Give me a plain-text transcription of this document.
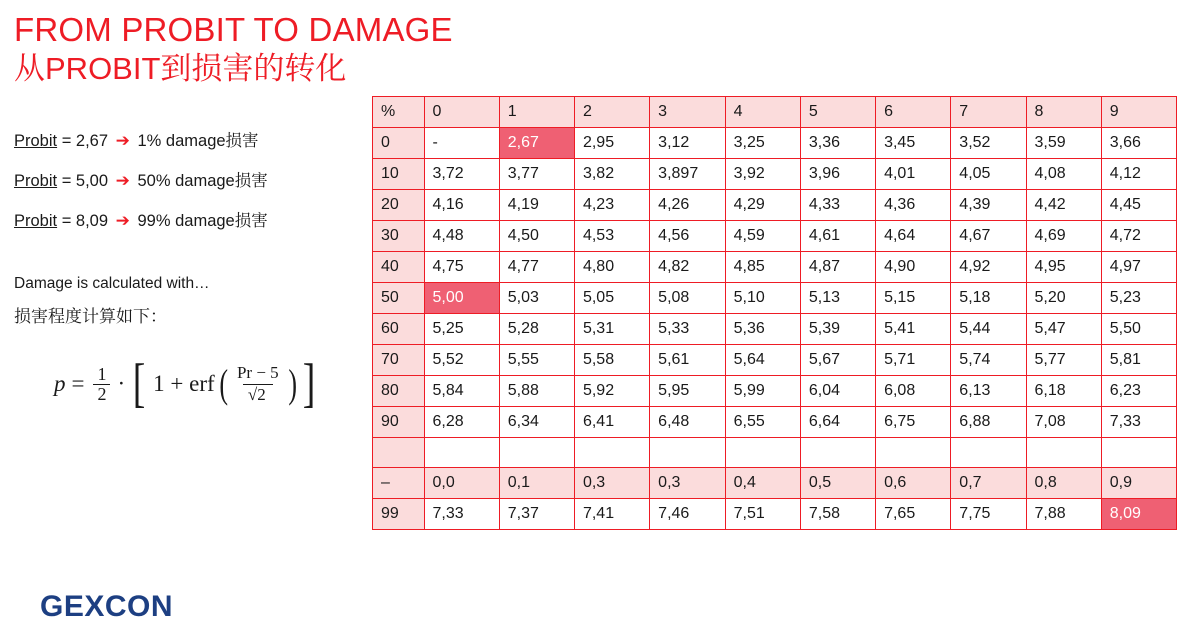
FROM PROBIT TO DAMAGE
从PROBIT到损害的转化
Probit = 2,67 ➔ 1% damage损害
Probit = 5,00 ➔ 50% damage损害
Probit = 8,09 ➔ 99% damage损害
Damage is calculated with…
损害程度计算如下：
$p = \frac{1}{2}$ · [ 1 + erf ( $\frac{Pr - 5}{√2}$ ) ]
GEXCON
%	0	1	2	3	4	5	6	7	8	9
0	-	2,67	2,95	3,12	3,25	3,36	3,45	3,52	3,59	3,66
10	3,72	3,77	3,82	3,897	3,92	3,96	4,01	4,05	4,08	4,12
20	4,16	4,19	4,23	4,26	4,29	4,33	4,36	4,39	4,42	4,45
30	4,48	4,50	4,53	4,56	4,59	4,61	4,64	4,67	4,69	4,72
40	4,75	4,77	4,80	4,82	4,85	4,87	4,90	4,92	4,95	4,97
50	5,00	5,03	5,05	5,08	5,10	5,13	5,15	5,18	5,20	5,23
60	5,25	5,28	5,31	5,33	5,36	5,39	5,41	5,44	5,47	5,50
70	5,52	5,55	5,58	5,61	5,64	5,67	5,71	5,74	5,77	5,81
80	5,84	5,88	5,92	5,95	5,99	6,04	6,08	6,13	6,18	6,23
90	6,28	6,34	6,41	6,48	6,55	6,64	6,75	6,88	7,08	7,33

–	0,0	0,1	0,3	0,3	0,4	0,5	0,6	0,7	0,8	0,9
99	7,33	7,37	7,41	7,46	7,51	7,58	7,65	7,75	7,88	8,09
